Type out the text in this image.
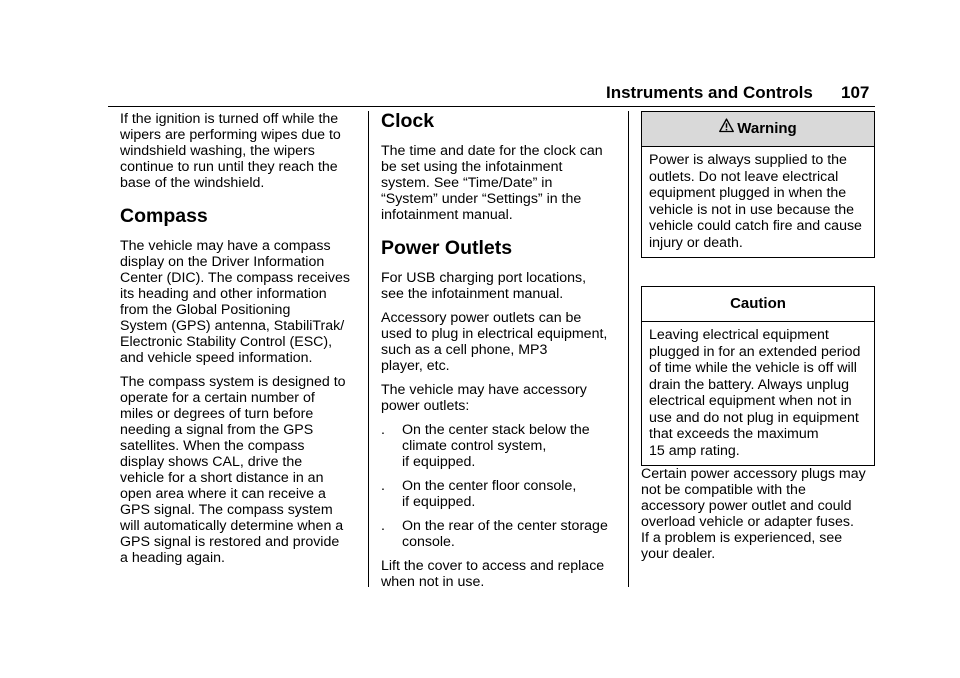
Instruments and Controls 107

If the ignition is turned off while the
wipers are performing wipes due to
windshield washing, the wipers
continue to run until they reach the
base of the windshield.

Compass

The vehicle may have a compass
display on the Driver Information
Center (DIC). The compass receives
its heading and other information
from the Global Positioning
System (GPS) antenna, StabiliTrak/
Electronic Stability Control (ESC),
and vehicle speed information.

The compass system is designed to
operate for a certain number of
miles or degrees of turn before
needing a signal from the GPS
satellites. When the compass
display shows CAL, drive the
vehicle for a short distance in an
open area where it can receive a
GPS signal. The compass system
will automatically determine when a
GPS signal is restored and provide
a heading again.

Clock

The time and date for the clock can
be set using the infotainment
system. See “Time/Date” in
“System” under “Settings” in the
infotainment manual.

Power Outlets

For USB charging port locations,
see the infotainment manual.

Accessory power outlets can be
used to plug in electrical equipment,
such as a cell phone, MP3
player, etc.

The vehicle may have accessory
power outlets:

. On the center stack below the
climate control system,
if equipped.
. On the center floor console,
if equipped.
. On the rear of the center storage
console.

Lift the cover to access and replace
when not in use.

Warning
Power is always supplied to the
outlets. Do not leave electrical
equipment plugged in when the
vehicle is not in use because the
vehicle could catch fire and cause
injury or death.
Caution
Leaving electrical equipment
plugged in for an extended period
of time while the vehicle is off will
drain the battery. Always unplug
electrical equipment when not in
use and do not plug in equipment
that exceeds the maximum
15 amp rating.

Certain power accessory plugs may
not be compatible with the
accessory power outlet and could
overload vehicle or adapter fuses.
If a problem is experienced, see
your dealer.
